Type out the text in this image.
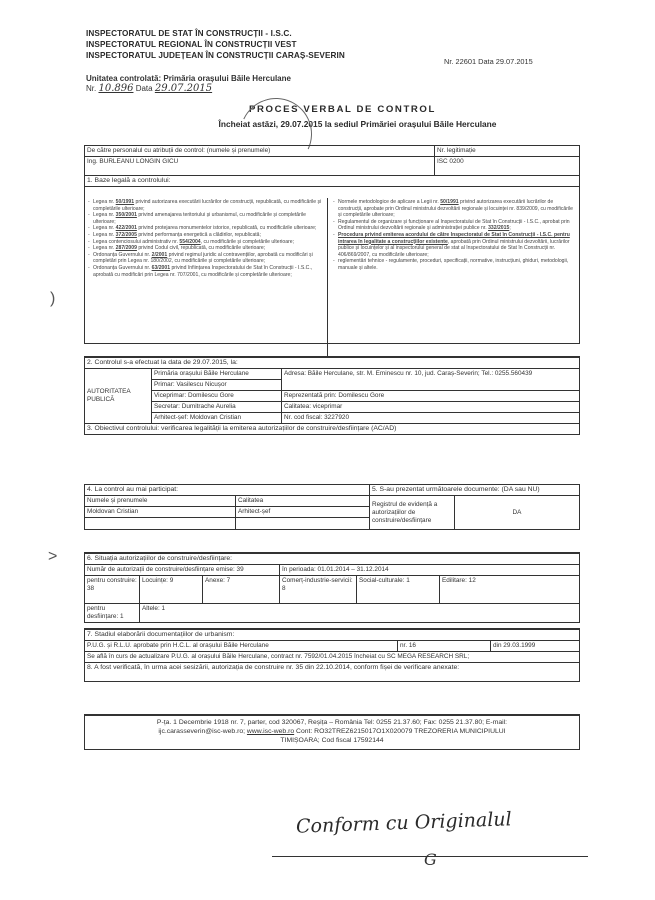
INSPECTORATUL DE STAT ÎN CONSTRUCȚII - I.S.C.
INSPECTORATUL REGIONAL ÎN CONSTRUCȚII VEST
INSPECTORATUL JUDEȚEAN ÎN CONSTRUCȚII CARAȘ-SEVERIN
Nr. 22601 Data 29.07.2015
Unitatea controlată: Primăria orașului Băile Herculane
Nr. 10.896 Data 29.07.2015
PROCES VERBAL DE CONTROL
Încheiat astăzi, 29.07.2015 la sediul Primăriei orașului Băile Herculane
De către personalul cu atribuții de control: (numele și prenumele)	Nr. legitimație
Ing. BURLEANU LONGIN GICU	ISC 0200
1. Baze legală a controlului:	

- Legea nr. 50/1991 privind autorizarea executării lucrărilor de construcții, republicată, cu modificările și completările ulterioare;
- Legea nr. 350/2001 privind amenajarea teritoriului și urbanismul, cu modificările și completările ulterioare;
- Legea nr. 422/2001 privind protejarea monumentelor istorice, republicată, cu modificările ulterioare;
- Legea nr. 372/2005 privind performanța energetică a clădirilor, republicată;
- Legea contenciosului administrativ nr. 554/2004, cu modificările și completările ulterioare;
- Legea nr. 287/2009 privind Codul civil, republicată, cu modificările ulterioare;
- Ordonanța Guvernului nr. 2/2001 privind regimul juridic al contravențiilor, aprobată cu modificări și completări prin Legea nr. 180/2002, cu modificările și completările ulterioare;
- Ordonanța Guvernului nr. 63/2001 privind înființarea Inspectoratului de Stat în Construcții - I.S.C., aprobată cu modificări prin Legea nr. 707/2001, cu modificările și completările ulterioare;
- Normele metodologice de aplicare a Legii nr. 50/1991 privind autorizarea executării lucrărilor de construcții, aprobate prin Ordinul ministrului dezvoltării regionale și locuinței nr. 839/2009, cu modificările și completările ulterioare;
- Regulamentul de organizare și funcționare al Inspectoratului de Stat în Construcții - I.S.C., aprobat prin Ordinul ministrului dezvoltării regionale și administrației publice nr. 332/2015;
- Procedura privind emiterea acordului de către Inspectoratul de Stat în Construcții - I.S.C. pentru intrarea în legalitate a construcțiilor existente, aprobată prin Ordinul ministrului dezvoltării, lucrărilor publice și locuințelor și al inspectorului general de stat al Inspectoratului de Stat în Construcții nr. 406/869/2007, cu modificările ulterioare;
- reglementări tehnice - regulamente, proceduri, specificații, normative, instrucțiuni, ghiduri, metodologii, manuale și altele.
2. Controlul s-a efectuat la data de 29.07.2015, la:		
AUTORITATEA PUBLICĂ	Primăria orașului Băile Herculane	Adresa: Băile Herculane, str. M. Eminescu nr. 10, jud. Caraș-Severin; Tel.: 0255.560439
	Primar: Vasilescu Nicușor	
	Viceprimar: Domilescu Gore	Reprezentată prin: Domilescu Gore
	Secretar: Dumitrache Aurelia	Calitatea: viceprimar
	Arhitect-șef: Moldovan Cristian	Nr. cod fiscal: 3227920
3. Obiectivul controlului: verificarea legalității la emiterea autorizațiilor de construire/desființare (AC/AD)		
4. La control au mai participat:		5. S-au prezentat următoarele documente: (DA sau NU)	
Numele și prenumele	Calitatea	Registrul de evidență a autorizațiilor de construire/desființare	DA
Moldovan Cristian	Arhitect-șef		

6. Situația autorizațiilor de construire/desființare:					
Număr de autorizații de construire/desființare emise: 39			în perioada: 01.01.2014 – 31.12.2014		
pentru construire: 38	Locuințe: 9	Anexe: 7	Comerț-industrie-servicii: 8	Social-culturale: 1	Edilitare: 12
pentru desființare: 1	Altele: 1				
7. Stadiul elaborării documentațiilor de urbanism:
P.U.G. și R.L.U. aprobate prin H.C.L. al orașului Băile Herculane	nr. 16	din 29.03.1999
Se află în curs de actualizare P.U.G. al orașului Băile Herculane, contract nr. 7592/01.04.2015 încheiat cu SC MEGA RESEARCH SRL;
8. A fost verificată, în urma acei sesizării, autorizația de construire nr. 35 din 22.10.2014, conform fișei de verificare anexate:
P-ța. 1 Decembrie 1918 nr. 7, parter, cod 320067, Reșița – România Tel: 0255 21.37.60; Fax: 0255 21.37.80; E-mail:
ijc.carasseverin@isc-web.ro; www.isc-web.ro Cont: RO32TREZ6215017O1X020079 TREZORERIA MUNICIPIULUI
TIMIȘOARA; Cod fiscal 17592144
)
>
Conform cu Originalul
G
